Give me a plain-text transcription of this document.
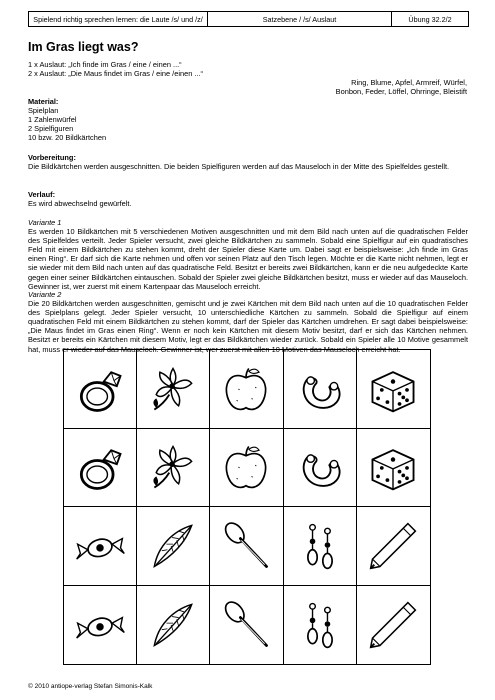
Spielend richtig sprechen lernen: die Laute /s/ und /z/	Satzebene / /s/ Auslaut	Übung 32.2/2
Im Gras liegt was?
1 x Auslaut: „Ich finde im Gras / eine / einen ...“
2 x Auslaut: „Die Maus findet im Gras / eine /einen ...“
Ring, Blume, Apfel, Armreif, Würfel,
Bonbon, Feder, Löffel, Ohrringe, Bleistift
Material:
Spielplan
1 Zahlenwürfel
2 Spielfiguren
10 bzw. 20 Bildkärtchen
Vorbereitung:
Die Bildkärtchen werden ausgeschnitten. Die beiden Spielfiguren werden auf das Mauseloch in der Mitte des Spielfeldes gestellt.
Verlauf:
Es wird abwechselnd gewürfelt.
Variante 1
Es werden 10 Bildkärtchen mit 5 verschiedenen Motiven ausgeschnitten und mit dem Bild nach unten auf die quadratischen Felder des Spielfeldes verteilt. Jeder Spieler versucht, zwei gleiche Bildkärtchen zu sammeln. Sobald eine Spielfigur auf ein quadratisches Feld mit einem Bildkärtchen zu stehen kommt, dreht der Spieler diese Karte um. Dabei sagt er beispielsweise: „Ich finde im Gras einen Ring“. Er darf sich die Karte nehmen und offen vor seinen Platz auf den Tisch legen. Möchte er die Karte nicht nehmen, legt er sie wieder mit dem Bild nach unten auf das quadratische Feld. Besitzt er bereits zwei Bildkärtchen, kann er die neu aufgedeckte Karte gegen einer seiner Bildkärtchen eintauschen. Sobald der Spieler zwei gleiche Bildkärtchen besitzt, muss er wieder auf das Mauseloch. Gewinner ist, wer zuerst mit einem Kartenpaar das Mauseloch erreicht.
Variante 2
Die 20 Bildkärtchen werden ausgeschnitten, gemischt und je zwei Kärtchen mit dem Bild nach unten auf die 10 quadratischen Felder des Spielplans gelegt. Jeder Spieler versucht, 10 unterschiedliche Kärtchen zu sammeln. Sobald die Spielfigur auf einem quadratischen Feld mit einem Bildkärtchen zu stehen kommt, darf der Spieler das Kärtchen umdrehen. Er sagt dabei beispielsweise: „Die Maus findet im Gras einen Ring“. Wenn er noch kein Kärtchen mit diesem Motiv besitzt, darf er sich das Kärtchen nehmen. Besitzt er bereits ein Kärtchen mit diesem Motiv, legt er das Bildkärtchen wieder zurück. Sobald ein Spieler alle 10 Motive gesammelt hat, muss er wieder auf das Mauseloch. Gewinner ist, wer zuerst mit allen 10 Motiven das Mauseloch erreicht hat.
© 2010 antiope-verlag Stefan Simonis-Kalk
